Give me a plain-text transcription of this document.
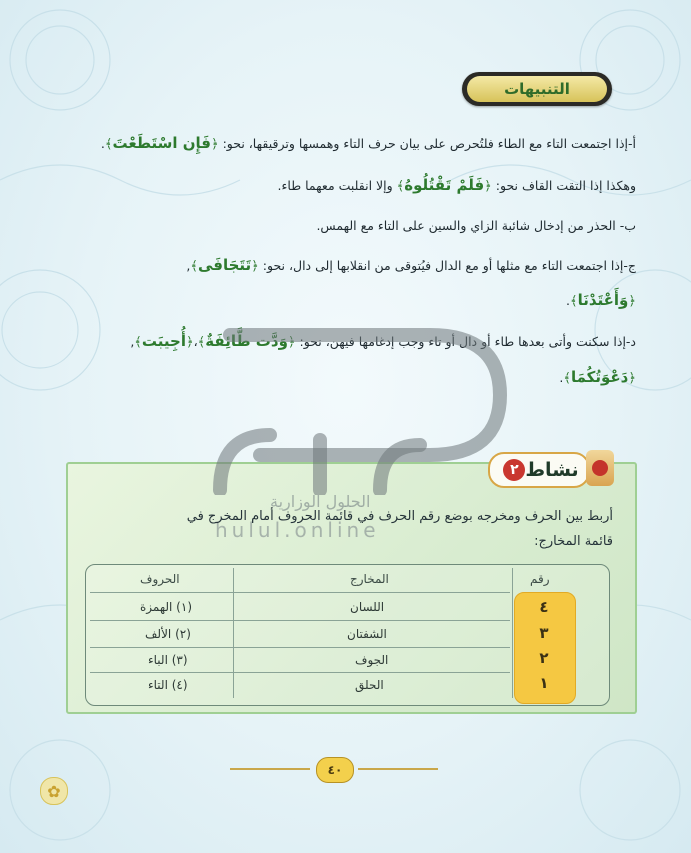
التنبيهات
أ-إذا اجتمعت التاء مع الطاء فلتُحرص على بيان حرف التاء وهمسها وترقيقها، نحو: ﴿فَإِن اسْتَطَعْتَ﴾.
وهكذا إذا التقت القاف نحو: ﴿فَلَمْ تَقْتُلُوهُ﴾ وإلا انقلبت معهما طاء.
ب- الحذر من إدخال شائبة الزاي والسين على التاء مع الهمس.
ج-إذا اجتمعت التاء مع مثلها أو مع الدال فيُتوقى من انقلابها إلى دال، نحو: ﴿تَتَجَافَى﴾,
﴿وَأَعْتَدْنَا﴾.
د-إذا سكنت وأتى بعدها طاء أو دال أو تاء وجب إدغامها فيهن، نحو: ﴿وَدَّت طَّائِفَةٌ﴾،﴿أُجِيبَت﴾,
﴿دَعْوَتُكُمَا﴾.
الحلول الوزارية
hulul.online
نشاط
٢
أربط بين الحرف ومخرجه بوضع رقم الحرف في قائمة الحروف أمام المخرج في
قائمة المخارج:
رقم
المخارج
الحروف
٤
٣
٢
١
اللسان
الشفتان
الجوف
الحلق
(١) الهمزة
(٢) الألف
(٣) الباء
(٤) التاء
٤٠
✿
